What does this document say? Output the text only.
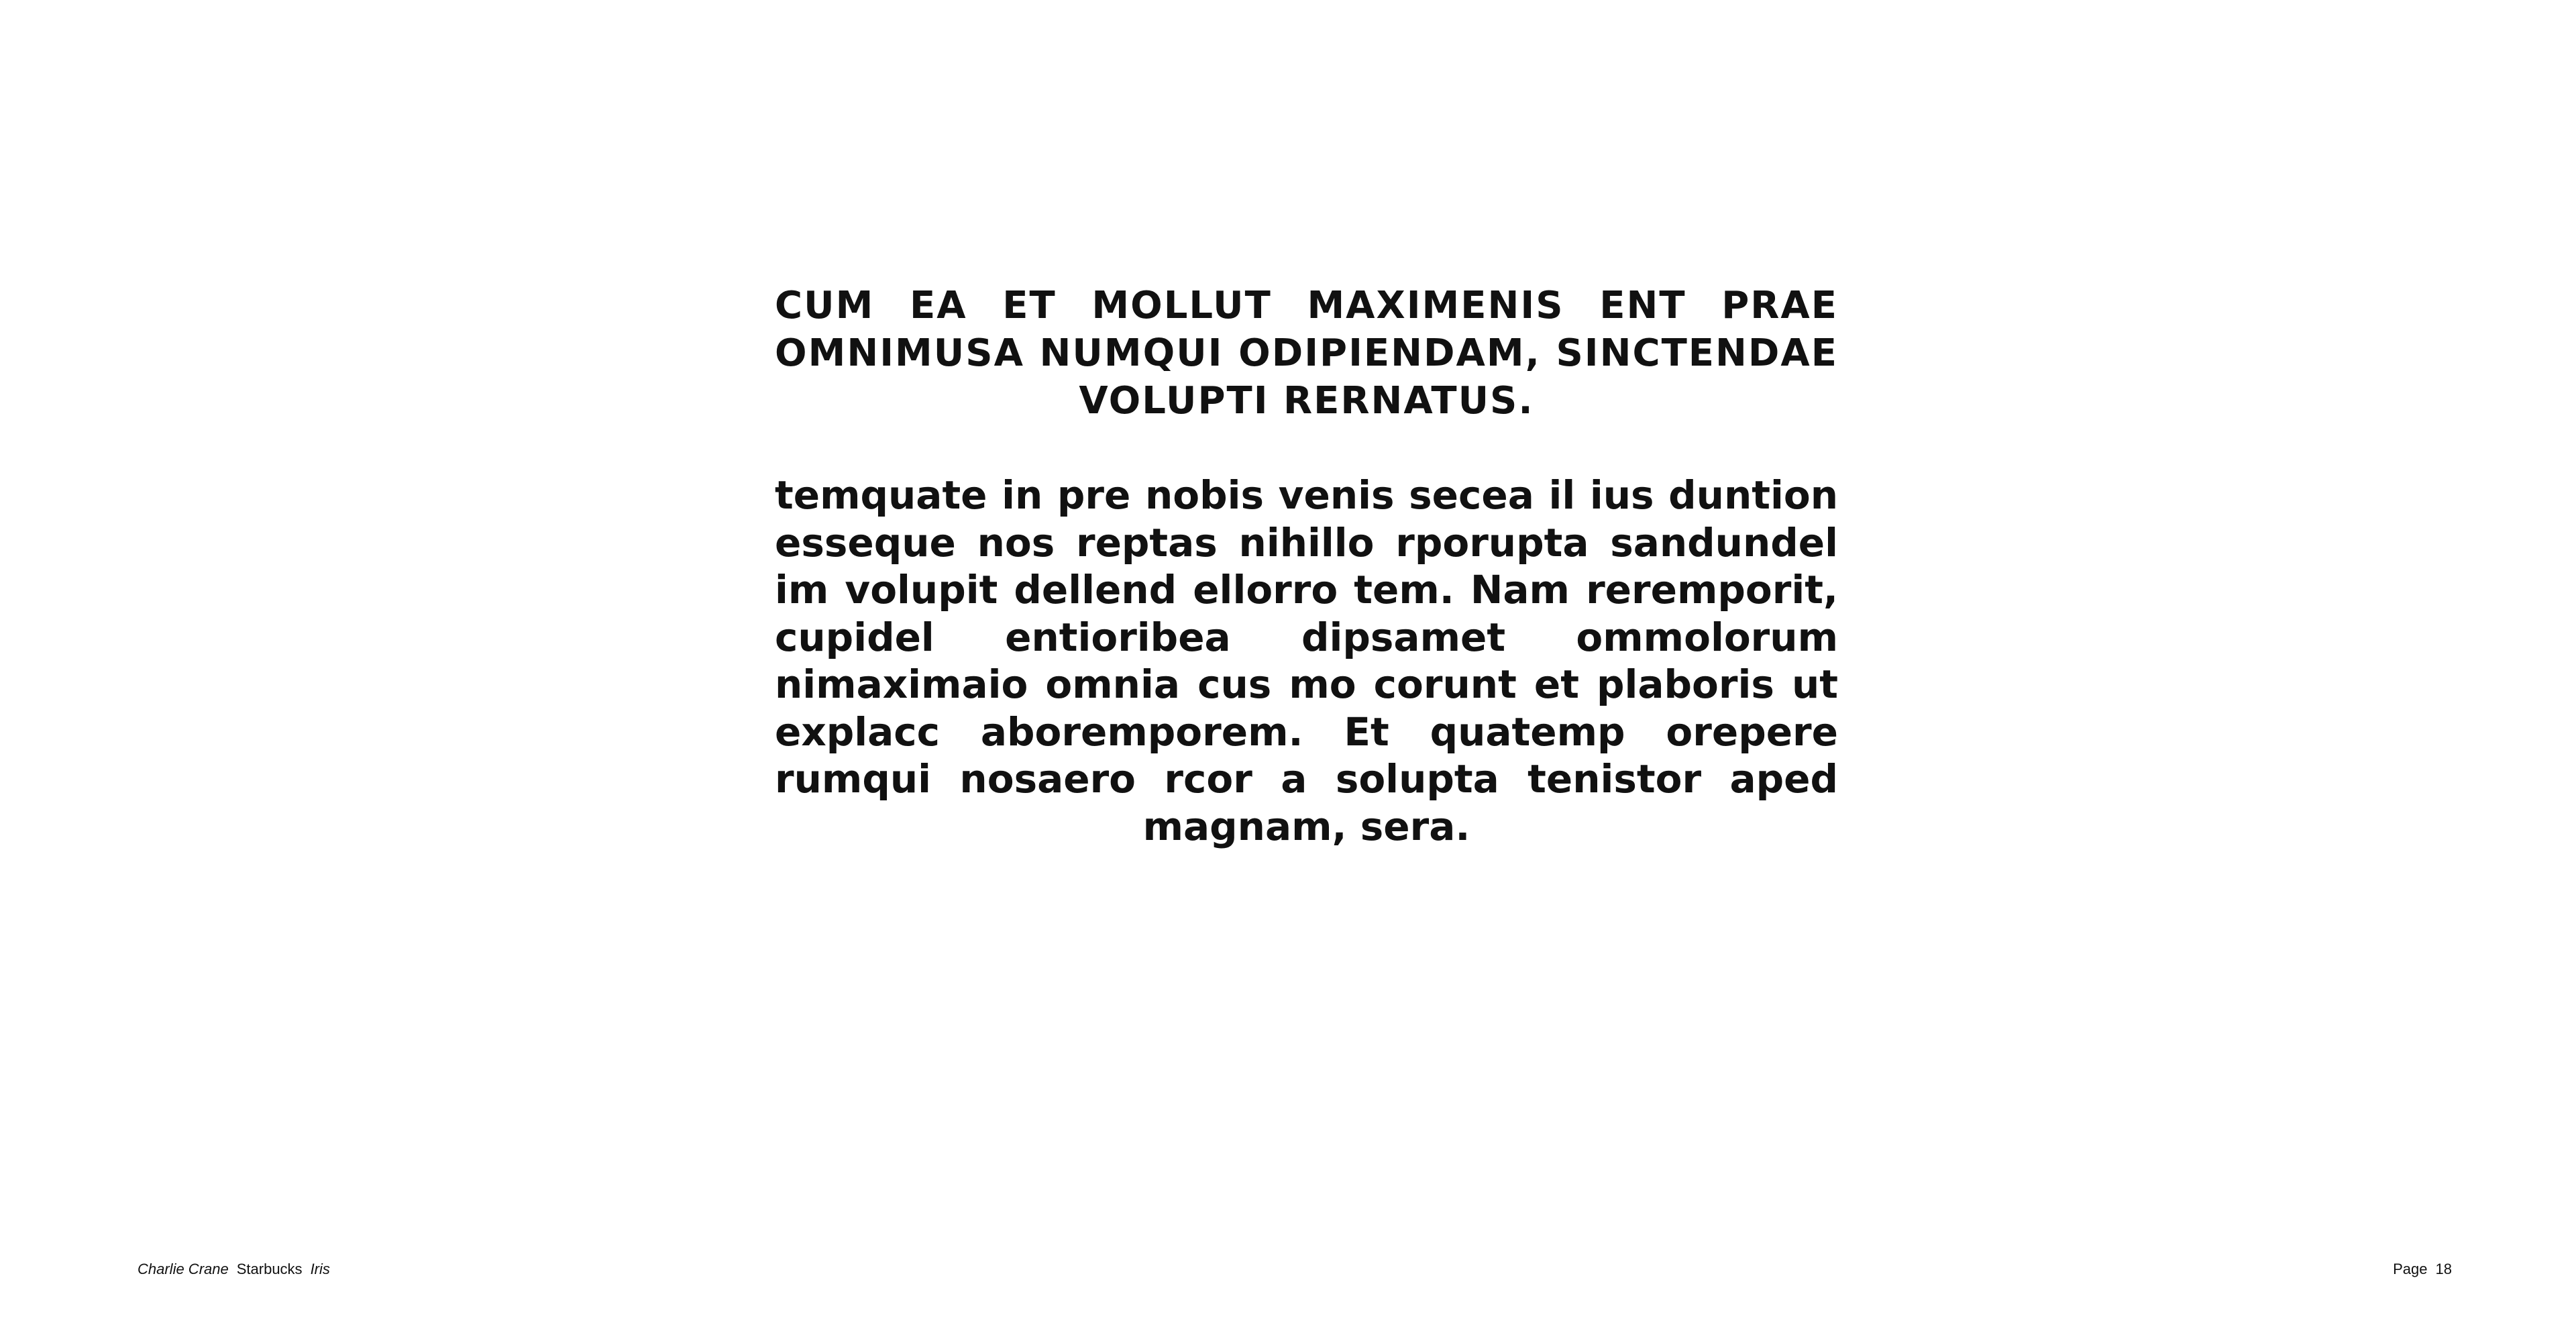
CUM EA ET MOLLUT MAXIMENIS ENT PRAE OMNIMUSA NUMQUI ODIPIENDAM, SINCTENDAE VOLUPTI RERNATUS.

temquate in pre nobis venis secea il ius duntion esseque nos reptas nihillo rporupta sandundel im volupit dellend ellorro tem. Nam reremporit, cupidel entioribea dipsamet ommolorum nimaximaio omnia cus mo corunt et plaboris ut explacc aboremporem. Et quatemp orepere rumqui nosaero rcor a solupta tenistor aped magnam, sera.

Charlie Crane Starbucks Iris	Page 18
